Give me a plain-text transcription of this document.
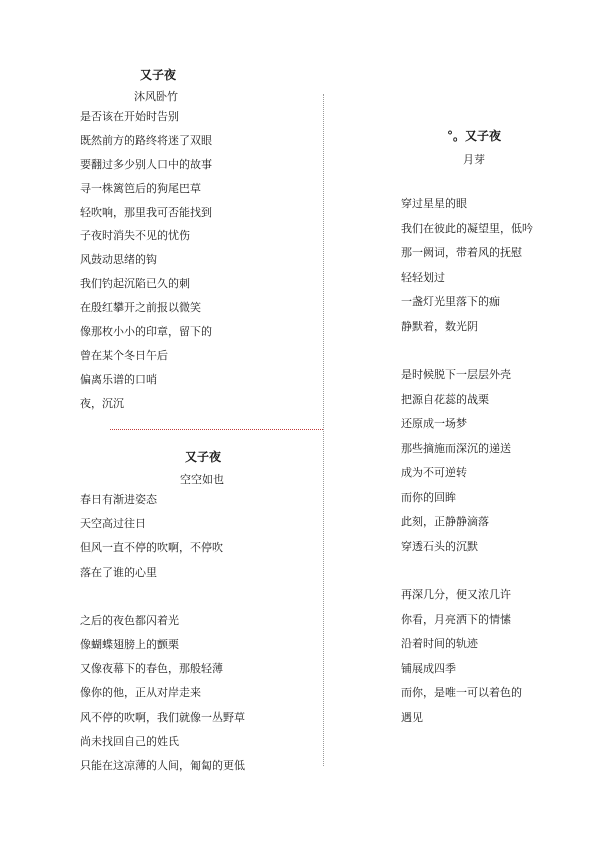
又子夜
沐风卧竹
是否该在开始时告别
既然前方的路终将迷了双眼
要翻过多少别人口中的故事
寻一株篱笆后的狗尾巴草
轻吹响，那里我可否能找到
子夜时消失不见的忧伤
风鼓动思绪的钩
我们钓起沉陷已久的刺
在殷红攀开之前报以微笑
像那枚小小的印章，留下的
曾在某个冬日午后
偏离乐谱的口哨
夜，沉沉
又子夜
空空如也
春日有渐进姿态
天空高过往日
但风一直不停的吹啊，不停吹
落在了谁的心里
之后的夜色都闪着光
像蝴蝶翅膀上的颤栗
又像夜幕下的春色，那般轻薄
像你的他，正从对岸走来
风不停的吹啊，我们就像一丛野草
尚未找回自己的姓氏
只能在这凉薄的人间，匍匐的更低
°。又子夜
月芽
穿过星星的眼
我们在彼此的凝望里，低吟
那一阙词，带着风的抚慰
轻轻划过
一盏灯光里落下的痂
静默着，数光阴
是时候脱下一层层外壳
把源自花蕊的战栗
还原成一场梦
那些摘施而深沉的递送
成为不可逆转
而你的回眸
此刻，正静静滴落
穿透石头的沉默
再深几分，便又浓几许
你看，月亮洒下的情愫
沿着时间的轨迹
铺展成四季
而你，是唯一可以着色的
遇见
